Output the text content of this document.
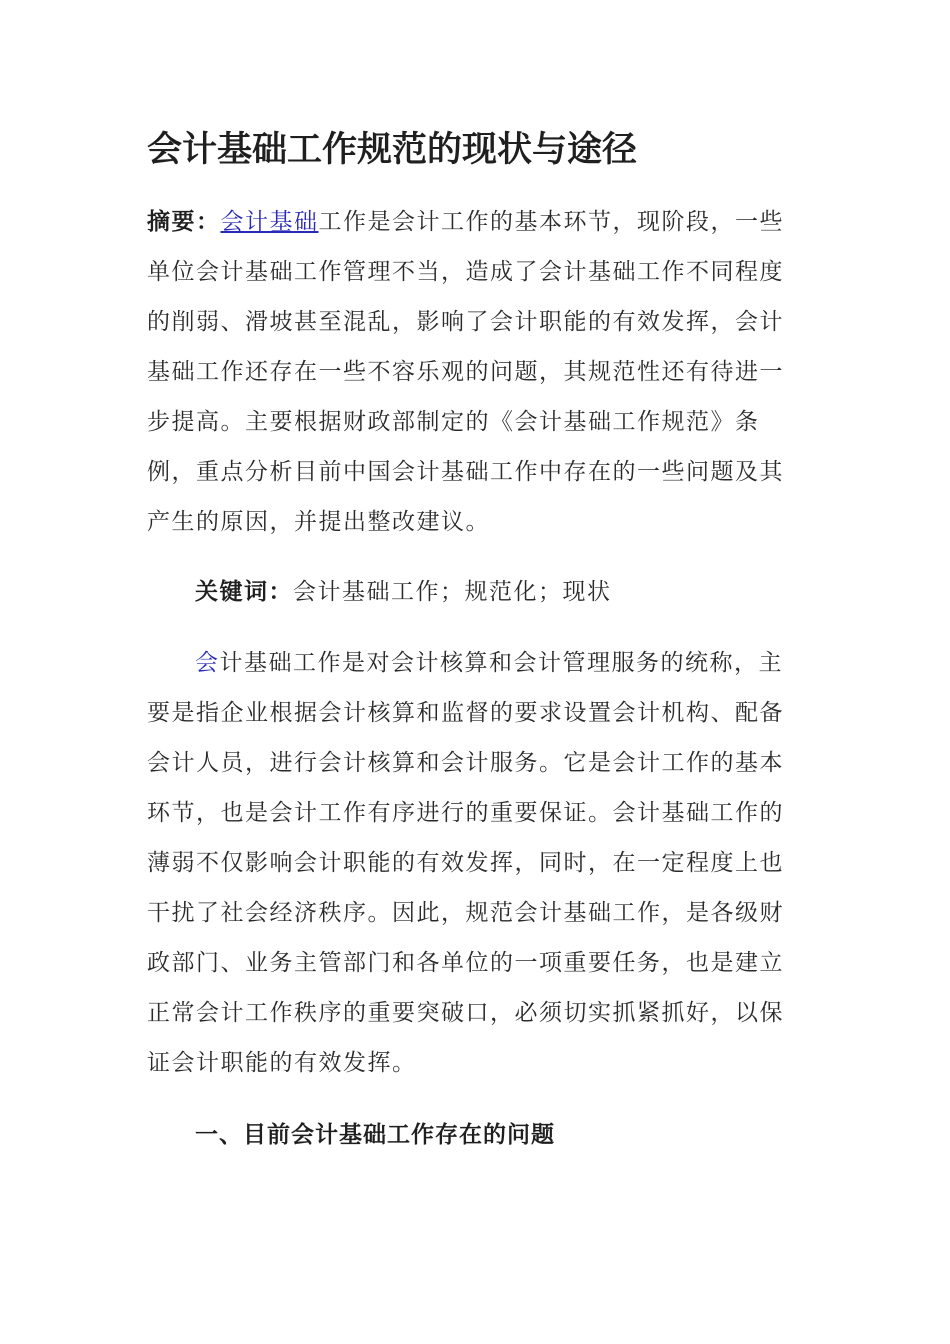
会计基础工作规范的现状与途径

摘要：会计基础工作是会计工作的基本环节，现阶段，一些单位会计基础工作管理不当，造成了会计基础工作不同程度的削弱、滑坡甚至混乱，影响了会计职能的有效发挥，会计基础工作还存在一些不容乐观的问题，其规范性还有待进一步提高。主要根据财政部制定的《会计基础工作规范》条例，重点分析目前中国会计基础工作中存在的一些问题及其产生的原因，并提出整改建议。

关键词：会计基础工作；规范化；现状

会计基础工作是对会计核算和会计管理服务的统称，主要是指企业根据会计核算和监督的要求设置会计机构、配备会计人员，进行会计核算和会计服务。它是会计工作的基本环节，也是会计工作有序进行的重要保证。会计基础工作的薄弱不仅影响会计职能的有效发挥，同时，在一定程度上也干扰了社会经济秩序。因此，规范会计基础工作，是各级财政部门、业务主管部门和各单位的一项重要任务，也是建立正常会计工作秩序的重要突破口，必须切实抓紧抓好，以保证会计职能的有效发挥。

一、目前会计基础工作存在的问题
